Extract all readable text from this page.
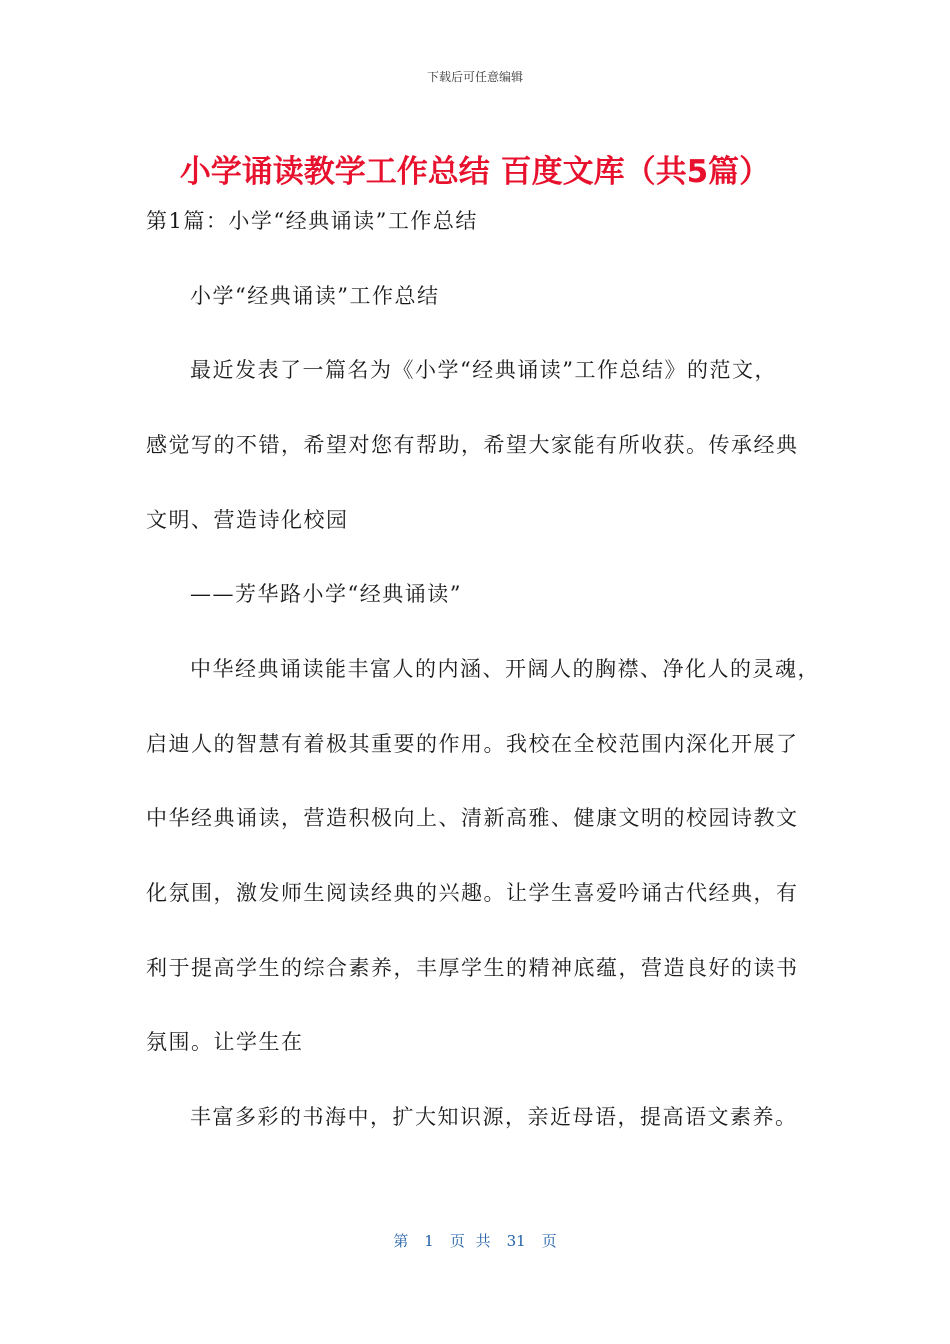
下载后可任意编辑
小学诵读教学工作总结 百度文库（共5篇）

第1篇：小学“经典诵读”工作总结

小学“经典诵读”工作总结

最近发表了一篇名为《小学“经典诵读”工作总结》的范文，

感觉写的不错，希望对您有帮助，希望大家能有所收获。传承经典

文明、营造诗化校园

——芳华路小学“经典诵读”

中华经典诵读能丰富人的内涵、开阔人的胸襟、净化人的灵魂，

启迪人的智慧有着极其重要的作用。我校在全校范围内深化开展了

中华经典诵读，营造积极向上、清新高雅、健康文明的校园诗教文

化氛围，激发师生阅读经典的兴趣。让学生喜爱吟诵古代经典，有

利于提高学生的综合素养，丰厚学生的精神底蕴，营造良好的读书

氛围。让学生在

丰富多彩的书海中，扩大知识源，亲近母语，提高语文素养。

第 1 页 共 31 页
